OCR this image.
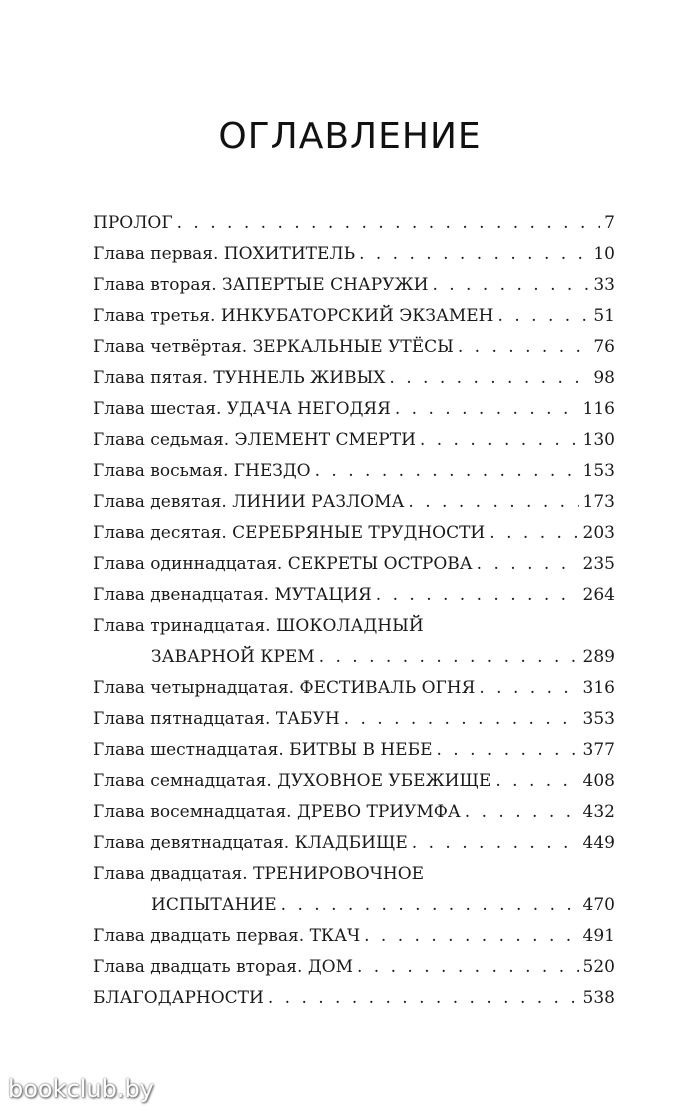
ОГЛАВЛЕНИЕ
ПРОЛОГ . . .	7
Глава первая. ПОХИТИТЕЛЬ . . .	10
Глава вторая. ЗАПЕРТЫЕ СНАРУЖИ . . .	33
Глава третья. ИНКУБАТОРСКИЙ ЭКЗАМЕН . . .	51
Глава четвёртая. ЗЕРКАЛЬНЫЕ УТЁСЫ . . .	76
Глава пятая. ТУННЕЛЬ ЖИВЫХ . . .	98
Глава шестая. УДАЧА НЕГОДЯЯ . . .	116
Глава седьмая. ЭЛЕМЕНТ СМЕРТИ . . .	130
Глава восьмая. ГНЕЗДО . . .	153
Глава девятая. ЛИНИИ РАЗЛОМА . . .	173
Глава десятая. СЕРЕБРЯНЫЕ ТРУДНОСТИ . . .	203
Глава одиннадцатая. СЕКРЕТЫ ОСТРОВА . . .	235
Глава двенадцатая. МУТАЦИЯ . . .	264
Глава тринадцатая. ШОКОЛАДНЫЙ
ЗАВАРНОЙ КРЕМ . . .	289
Глава четырнадцатая. ФЕСТИВАЛЬ ОГНЯ . . .	316
Глава пятнадцатая. ТАБУН . . .	353
Глава шестнадцатая. БИТВЫ В НЕБЕ . . .	377
Глава семнадцатая. ДУХОВНОЕ УБЕЖИЩЕ . . .	408
Глава восемнадцатая. ДРЕВО ТРИУМФА . . .	432
Глава девятнадцатая. КЛАДБИЩЕ . . .	449
Глава двадцатая. ТРЕНИРОВОЧНОЕ
ИСПЫТАНИЕ . . .	470
Глава двадцать первая. ТКАЧ . . .	491
Глава двадцать вторая. ДОМ . . .	520
БЛАГОДАРНОСТИ . . .	538
bookclub.by
